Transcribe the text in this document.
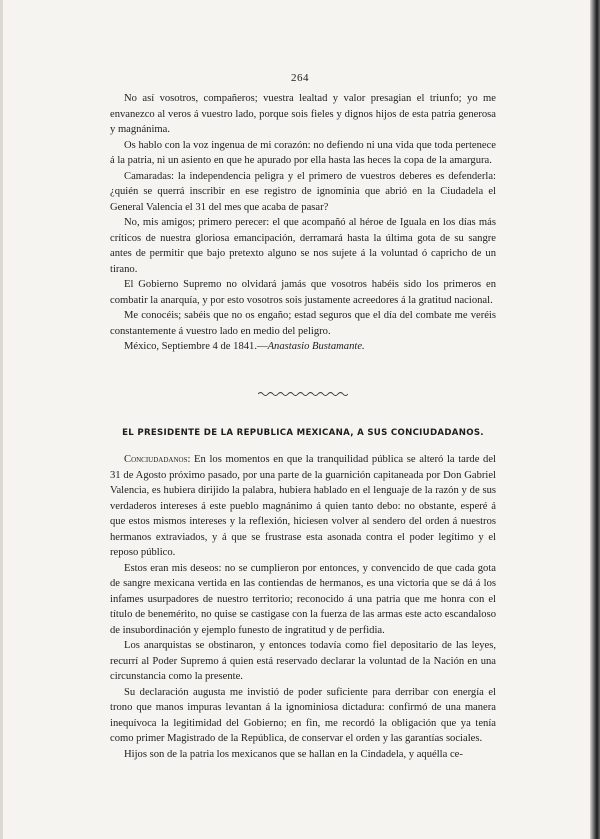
264

No así vosotros, compañeros; vuestra lealtad y valor presagian el triunfo; yo me envanezco al veros á vuestro lado, porque sois fieles y dignos hijos de esta patria generosa y magnánima.

Os hablo con la voz ingenua de mi corazón: no defiendo ni una vida que toda pertenece á la patria, ni un asiento en que he apurado por ella hasta las heces la copa de la amargura.

Camaradas: la independencia peligra y el primero de vuestros deberes es defenderla: ¿quién se querrá inscribir en ese registro de ignominia que abrió en la Ciudadela el General Valencia el 31 del mes que acaba de pasar?

No, mis amigos; primero perecer: el que acompañó al héroe de Iguala en los días más críticos de nuestra gloriosa emancipación, derramará hasta la última gota de su sangre antes de permitir que bajo pretexto alguno se nos sujete á la voluntad ó capricho de un tirano.

El Gobierno Supremo no olvidará jamás que vosotros habéis sido los primeros en combatir la anarquía, y por esto vosotros sois justamente acreedores á la gratitud nacional.

Me conocéis; sabéis que no os engaño; estad seguros que el día del combate me veréis constantemente á vuestro lado en medio del peligro.

México, Septiembre 4 de 1841.—Anastasio Bustamante.

EL PRESIDENTE DE LA REPUBLICA MEXICANA, A SUS CONCIUDADANOS.

Conciudadanos: En los momentos en que la tranquilidad pública se alteró la tarde del 31 de Agosto próximo pasado, por una parte de la guarnición capitaneada por Don Gabriel Valencia, es hubiera dirijido la palabra, hubiera hablado en el lenguaje de la razón y de sus verdaderos intereses á este pueblo magnánimo á quien tanto debo: no obstante, esperé á que estos mismos intereses y la reflexión, hiciesen volver al sendero del orden á nuestros hermanos extraviados, y á que se frustrase esta asonada contra el poder legítimo y el reposo público.

Estos eran mis deseos: no se cumplieron por entonces, y convencido de que cada gota de sangre mexicana vertida en las contiendas de hermanos, es una victoria que se dá á los infames usurpadores de nuestro territorio; reconocido á una patria que me honra con el título de benemérito, no quise se castigase con la fuerza de las armas este acto escandaloso de insubordinación y ejemplo funesto de ingratitud y de perfidia.

Los anarquistas se obstinaron, y entonces todavía como fiel depositario de las leyes, recurrí al Poder Supremo á quien está reservado declarar la voluntad de la Nación en una circunstancia como la presente.

Su declaración augusta me invistió de poder suficiente para derribar con energía el trono que manos impuras levantan á la ignominiosa dictadura: confirmó de una manera inequívoca la legitimidad del Gobierno; en fin, me recordó la obligación que ya tenía como primer Magistrado de la República, de conservar el orden y las garantías sociales.

Hijos son de la patria los mexicanos que se hallan en la Cindadela, y aquélla ce-
